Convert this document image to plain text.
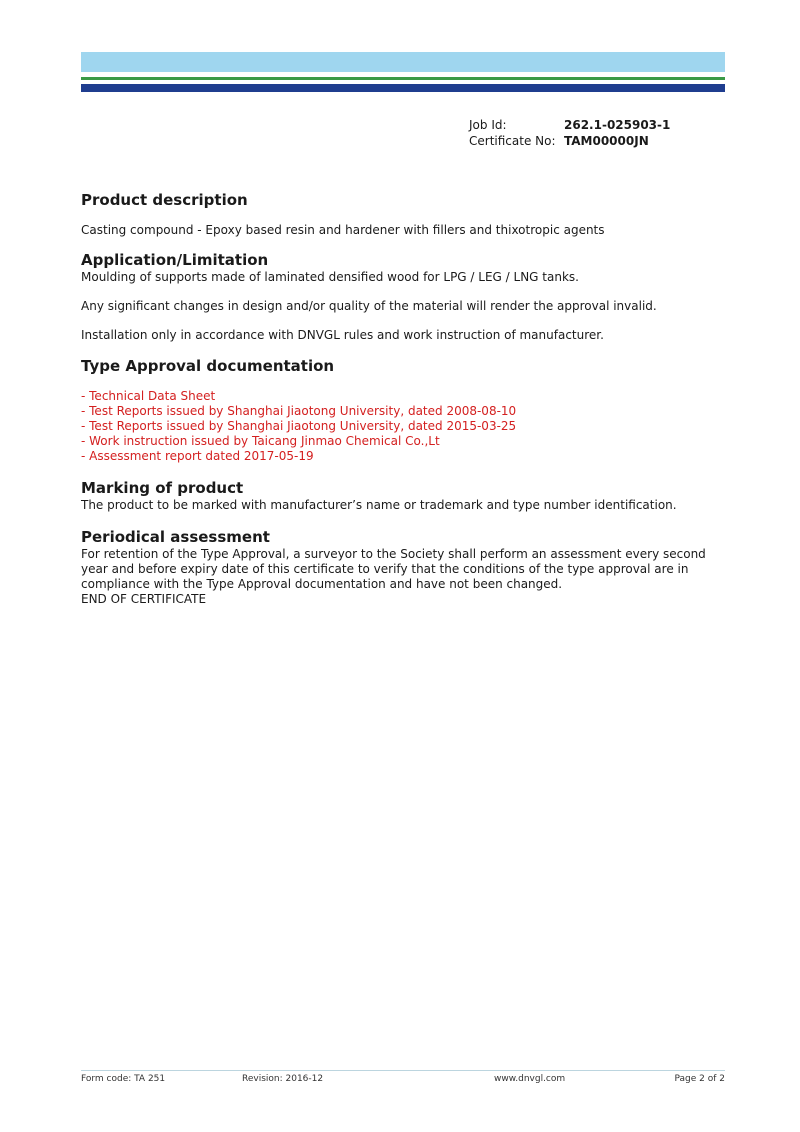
Job Id:	262.1-025903-1
Certificate No: TAM00000JN
Product description

Casting compound - Epoxy based resin and hardener with fillers and thixotropic agents

Application/Limitation

Moulding of supports made of laminated densified wood for LPG / LEG / LNG tanks.

Any significant changes in design and/or quality of the material will render the approval invalid.

Installation only in accordance with DNVGL rules and work instruction of manufacturer.

Type Approval documentation
- Technical Data Sheet
- Test Reports issued by Shanghai Jiaotong University, dated 2008-08-10
- Test Reports issued by Shanghai Jiaotong University, dated 2015-03-25
- Work instruction issued by Taicang Jinmao Chemical Co.,Lt
- Assessment report dated 2017-05-19
Marking of product

The product to be marked with manufacturer’s name or trademark and type number identification.

Periodical assessment

For retention of the Type Approval, a surveyor to the Society shall perform an assessment every second year and before expiry date of this certificate to verify that the conditions of the type approval are in compliance with the Type Approval documentation and have not been changed.

END OF CERTIFICATE

Form code: TA 251	Revision: 2016-12	www.dnvgl.com	Page 2 of 2
